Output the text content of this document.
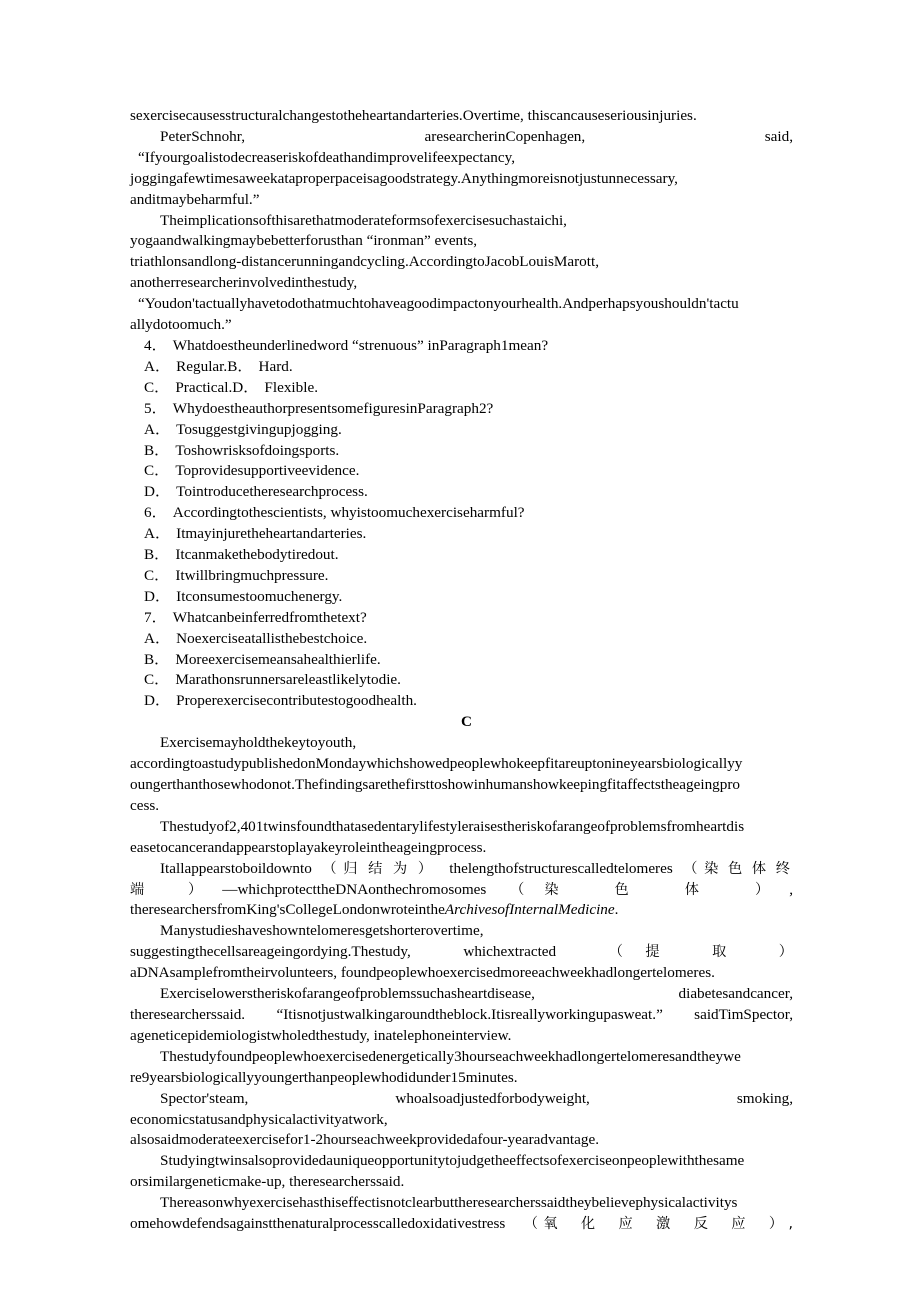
sexercisecausesstructuralchangestotheheartandarteries.Overtime, thiscancauseseriousinjuries.
PeterSchnohr,	aresearcherinCopenhagen,	said,
“Ifyourgoalistodecreaseriskofdeathandimprovelifeexpectancy,
joggingafewtimesaweekataproperpaceisagoodstrategy.Anythingmoreisnotjustunnecessary,
anditmaybeharmful.”
Theimplicationsofthisarethatmoderateformsofexercisesuchastaichi,
yogaandwalkingmaybebetterforusthan “ironman” events,
triathlonsandlong-distancerunningandcycling.AccordingtoJacobLouisMarott,
anotherresearcherinvolvedinthestudy,
“Youdon'tactuallyhavetodothatmuchtohaveagoodimpactonyourhealth.Andperhapsyoushouldn'tactu
allydotoomuch.”
4． Whatdoestheunderlinedword “strenuous” inParagraph1mean?
A． Regular.B． Hard.
C． Practical.D． Flexible.
5． WhydoestheauthorpresentsomefiguresinParagraph2?
A． Tosuggestgivingupjogging.
B． Toshowrisksofdoingsports.
C． Toprovidesupportiveevidence.
D． Tointroducetheresearchprocess.
6． Accordingtothescientists, whyistoomuchexerciseharmful?
A． Itmayinjuretheheartandarteries.
B． Itcanmakethebodytiredout.
C． Itwillbringmuchpressure.
D． Itconsumestoomuchenergy.
7． Whatcanbeinferredfromthetext?
A． Noexerciseatallisthebestchoice.
B． Moreexercisemeansahealthierlife.
C． Marathonsrunnersareleastlikelytodie.
D． Properexercisecontributestogoodhealth.
C
Exercisemayholdthekeytoyouth,
accordingtoastudypublishedonMondaywhichshowedpeoplewhokeepfitareuptonineyearsbiologicallyy
oungerthanthosewhodonot.Thefindingsarethefirsttoshowinhumanshowkeepingfitaffectstheageingpro
cess.
Thestudyof2,401twinsfoundthatasedentarylifestyleraisestheriskofarangeofproblemsfromheartdis
easetocancerandappearstoplayakeyroleintheageingprocess.
Itallappearstoboildownto （归结为） thelengthofstructurescalledtelomeres （染色体终
端 ）—whichprotecttheDNAonthechromosomes （染色体）,
theresearchersfromKing'sCollegeLondonwroteintheArchivesofInternalMedicine.
Manystudieshaveshowntelomeresgetshorterovertime,
suggestingthecellsareageingordying.Thestudy,	whichextracted	（提取）
aDNAsamplefromtheirvolunteers, foundpeoplewhoexercisedmoreeachweekhadlongertelomeres.
Exerciselowerstheriskofarangeofproblemssuchasheartdisease,	diabetesandcancer,
theresearcherssaid. “Itisnotjustwalkingaroundtheblock.Itisreallyworkingupasweat.” saidTimSpector,
ageneticepidemiologistwholedthestudy, inatelephoneinterview.
Thestudyfoundpeoplewhoexercisedenergetically3hourseachweekhadlongertelomeresandtheywe
re9yearsbiologicallyyoungerthanpeoplewhodidunder15minutes.
Spector'steam,	whoalsoadjustedforbodyweight,	smoking,
economicstatusandphysicalactivityatwork,
alsosaidmoderateexercisefor1-2hourseachweekprovidedafour-yearadvantage.
Studyingtwinsalsoprovidedauniqueopportunitytojudgetheeffectsofexerciseonpeoplewiththesame
orsimilargeneticmake-up, theresearcherssaid.
Thereasonwhyexercisehasthiseffectisnotclearbuttheresearcherssaidtheybelievephysicalactivitys
omehowdefendsagainstthenaturalprocesscalledoxidativestress （氧化应激反应）,
